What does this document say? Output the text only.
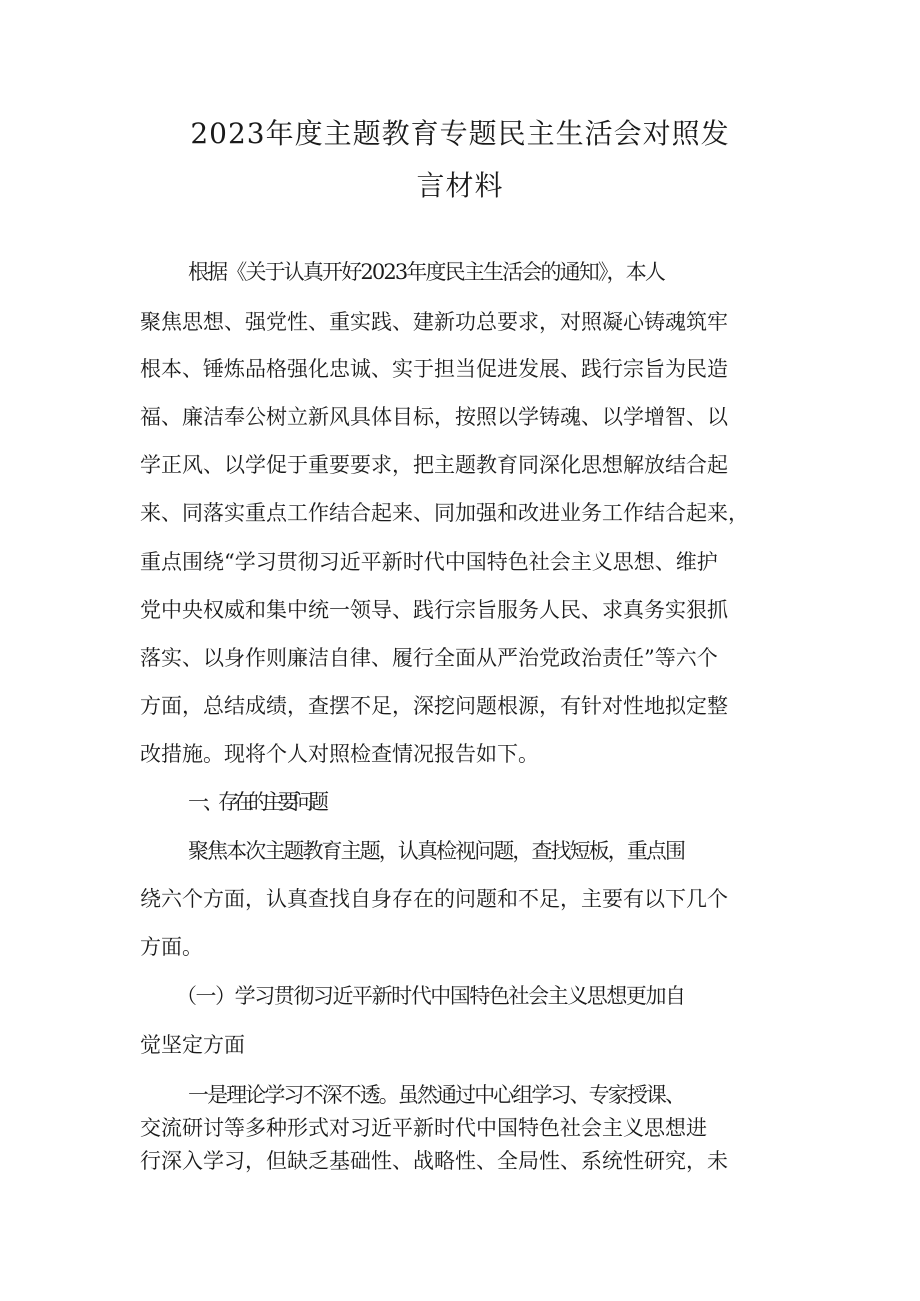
2023年度主题教育专题民主生活会对照发
言材料
根据《关于认真开好2023年度民主生活会的通知》，本人
聚焦思想、强党性、重实践、建新功总要求，对照凝心铸魂筑牢
根本、锤炼品格强化忠诚、实于担当促进发展、践行宗旨为民造
福、廉洁奉公树立新风具体目标，按照以学铸魂、以学增智、以
学正风、以学促于重要要求，把主题教育同深化思想解放结合起
来、同落实重点工作结合起来、同加强和改进业务工作结合起来，
重点围绕“学习贯彻习近平新时代中国特色社会主义思想、维护
党中央权威和集中统一领导、践行宗旨服务人民、求真务实狠抓
落实、以身作则廉洁自律、履行全面从严治党政治责任”等六个
方面，总结成绩，查摆不足，深挖问题根源，有针对性地拟定整
改措施。现将个人对照检查情况报告如下。
一、存在的主要问题
聚焦本次主题教育主题，认真检视问题，查找短板，重点围
绕六个方面，认真查找自身存在的问题和不足，主要有以下几个
方面。
（一）学习贯彻习近平新时代中国特色社会主义思想更加自
觉坚定方面
一是理论学习不深不透。虽然通过中心组学习、专家授课、
交流研讨等多种形式对习近平新时代中国特色社会主义思想进
行深入学习，但缺乏基础性、战略性、全局性、系统性研究，未
